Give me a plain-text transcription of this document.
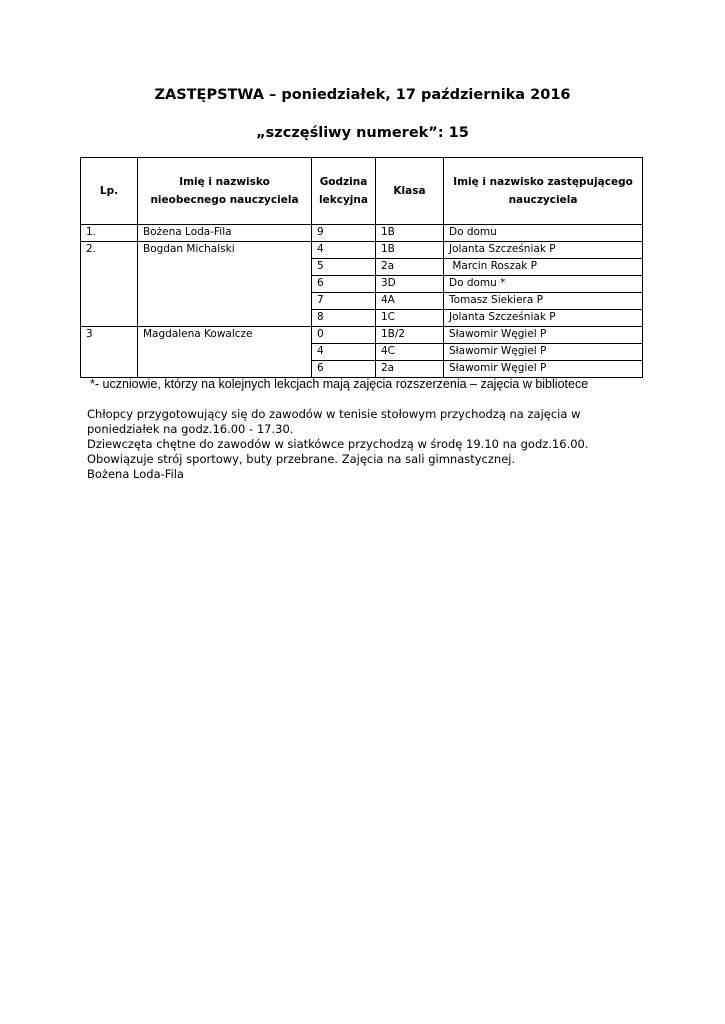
ZASTĘPSTWA – poniedziałek, 17 października 2016
„szczęśliwy numerek”: 15
Lp.	Imię i nazwisko nieobecnego nauczyciela	Godzina lekcyjna	Klasa	Imię i nazwisko zastępującego nauczyciela
1.	Bożena Loda-Fila	9	1B	Do domu
2.	Bogdan Michalski	4	1B	Jolanta Szcześniak P
		5	2a	Marcin Roszak P
		6	3D	Do domu *
		7	4A	Tomasz Siekiera P
		8	1C	Jolanta Szcześniak P
3	Magdalena Kowalcze	0	1B/2	Sławomir Węgiel P
		4	4C	Sławomir Węgiel P
		6	2a	Sławomir Węgiel P
*- uczniowie, którzy na kolejnych lekcjach mają zajęcia rozszerzenia – zajęcia w bibliotece
Chłopcy przygotowujący się do zawodów w tenisie stołowym przychodzą na zajęcia w
poniedziałek na godz.16.00 - 17.30.
Dziewczęta chętne do zawodów w siatkówce przychodzą w środę 19.10 na godz.16.00.
Obowiązuje strój sportowy, buty przebrane. Zajęcia na sali gimnastycznej.
Bożena Loda-Fila
